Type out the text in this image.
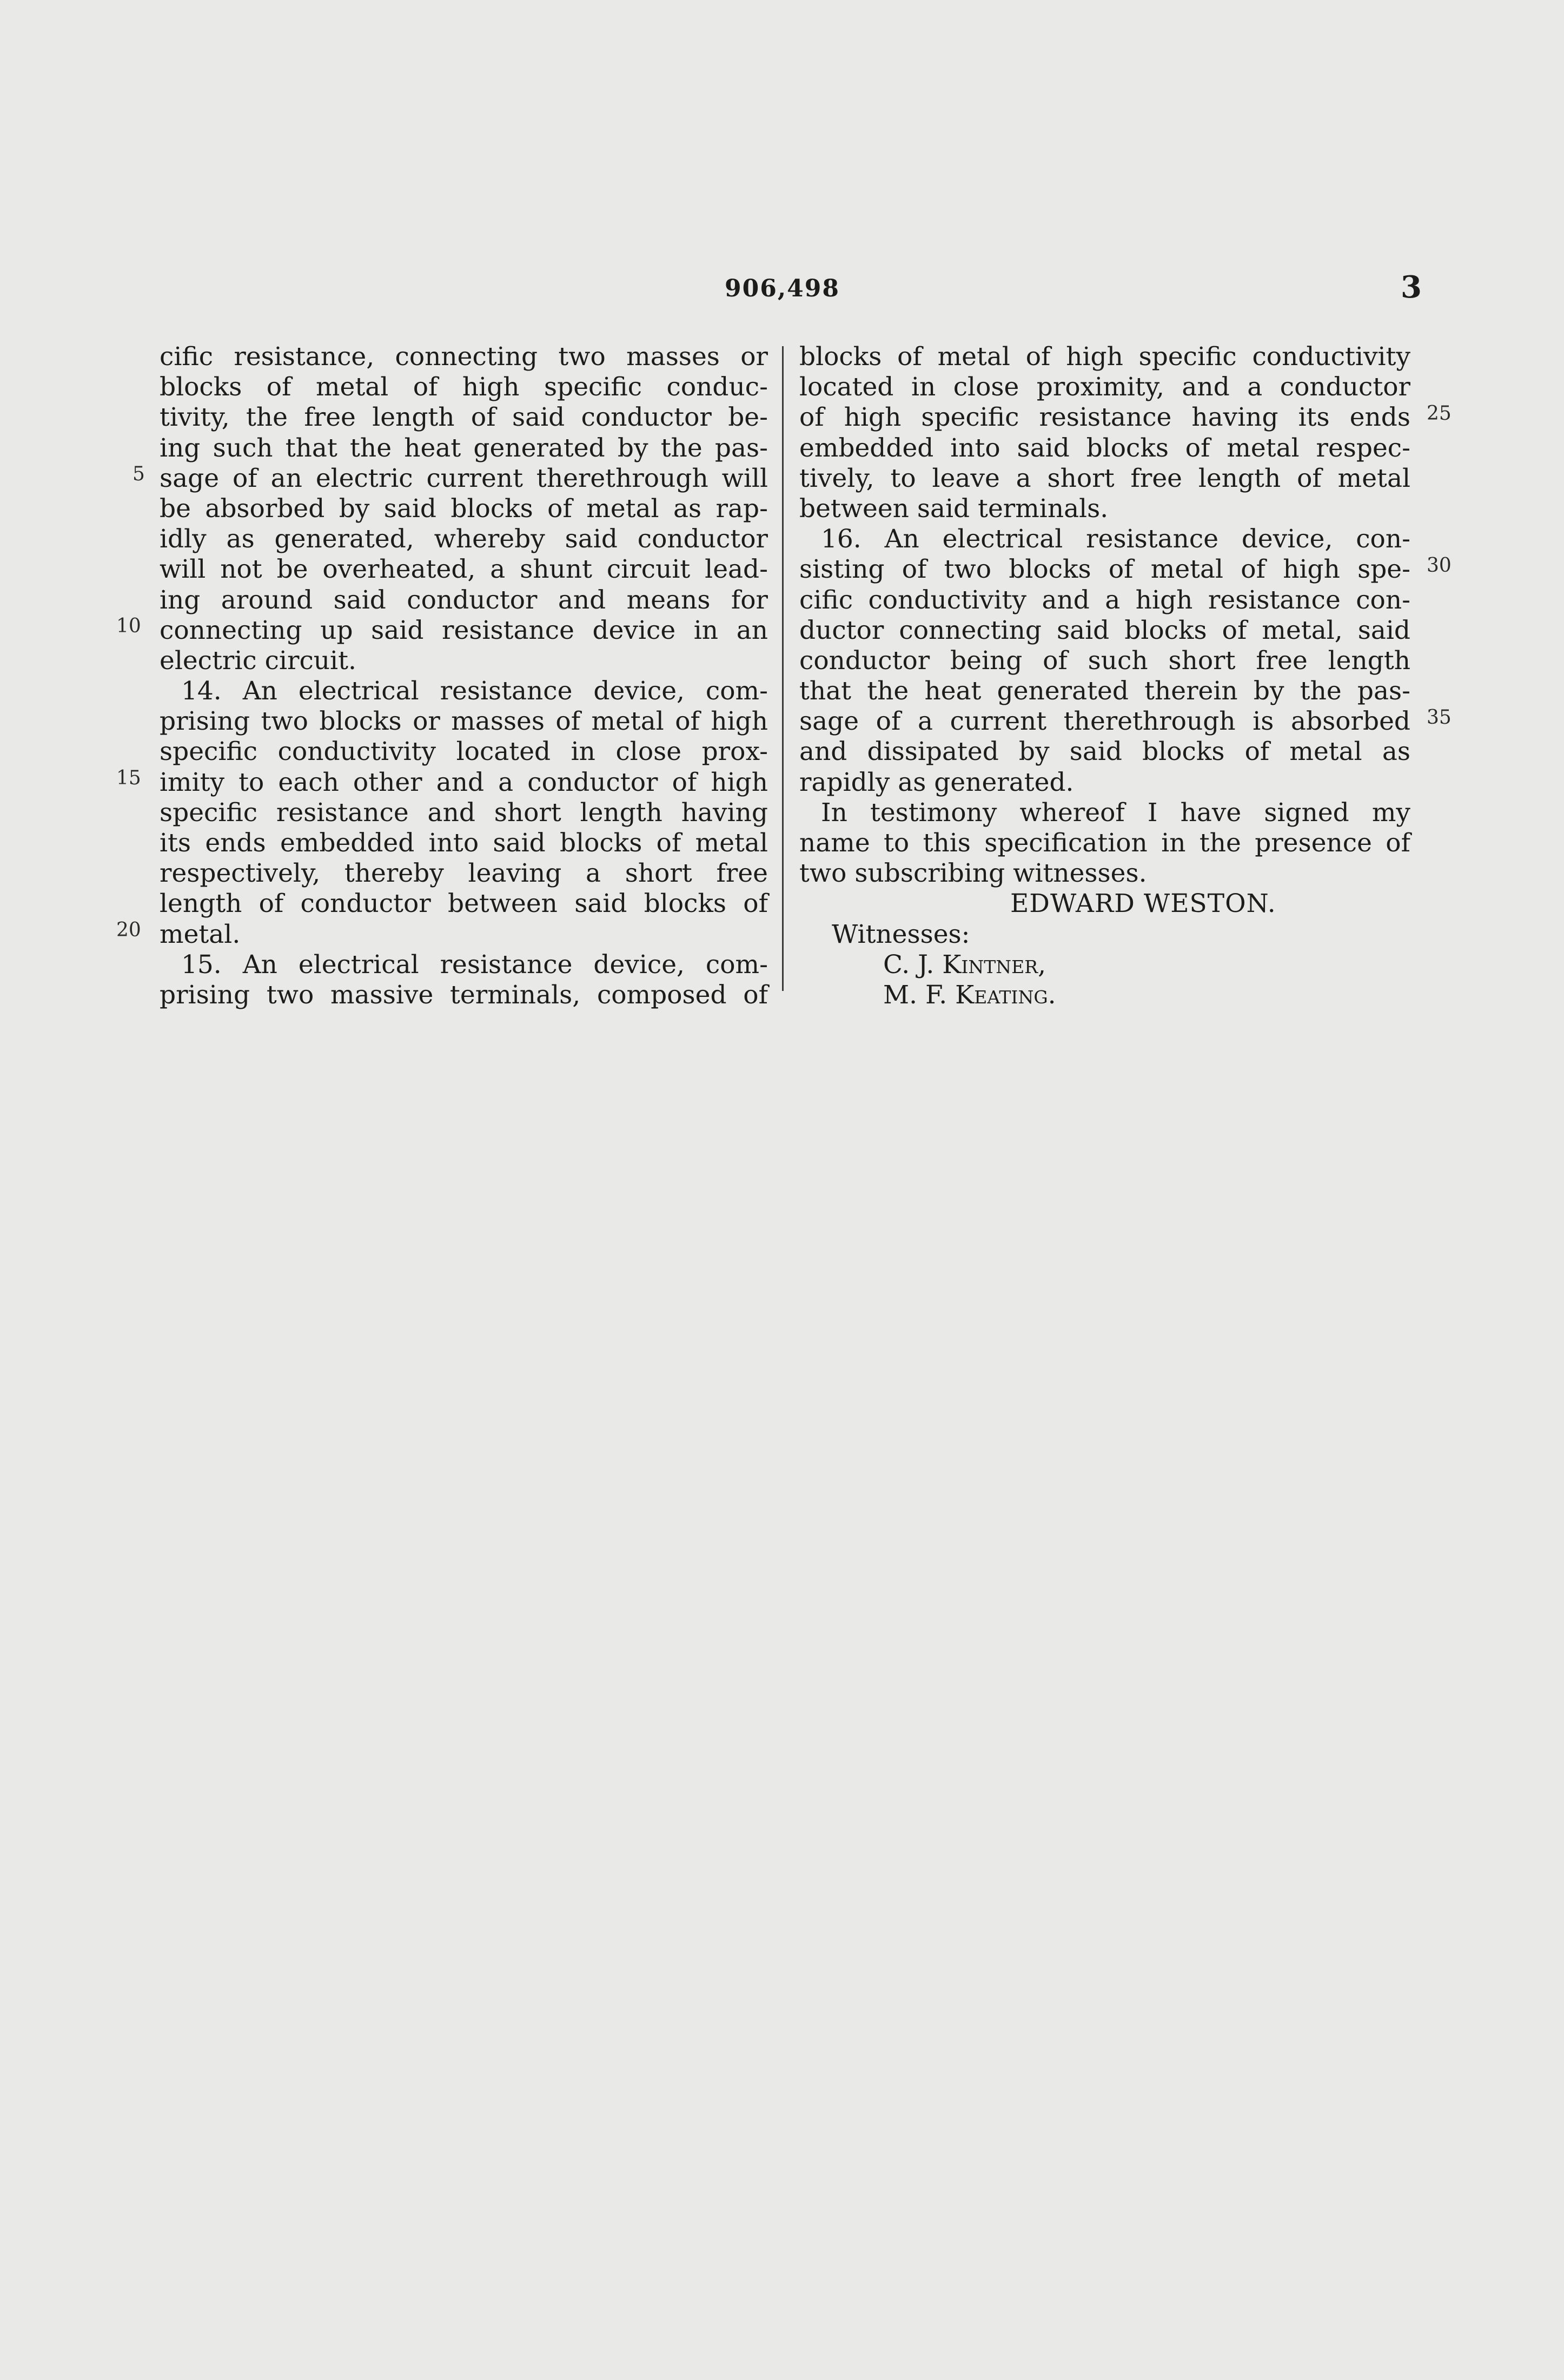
906,498	3
cific resistance, connecting two masses or
blocks of metal of high specific conduc-
tivity, the free length of said conductor be-
ing such that the heat generated by the pas-
sage of an electric current therethrough will
be absorbed by said blocks of metal as rap-
idly as generated, whereby said conductor
will not be overheated, a shunt circuit lead-
ing around said conductor and means for
connecting up said resistance device in an
electric circuit.
14. An electrical resistance device, com-
prising two blocks or masses of metal of high
specific conductivity located in close prox-
imity to each other and a conductor of high
specific resistance and short length having
its ends embedded into said blocks of metal
respectively, thereby leaving a short free
length of conductor between said blocks of
metal.
15. An electrical resistance device, com-
prising two massive terminals, composed of
5
10
15
20
blocks of metal of high specific conductivity
located in close proximity, and a conductor
of high specific resistance having its ends
embedded into said blocks of metal respec-
tively, to leave a short free length of metal
between said terminals.
16. An electrical resistance device, con-
sisting of two blocks of metal of high spe-
cific conductivity and a high resistance con-
ductor connecting said blocks of metal, said
conductor being of such short free length
that the heat generated therein by the pas-
sage of a current therethrough is absorbed
and dissipated by said blocks of metal as
rapidly as generated.
In testimony whereof I have signed my
name to this specification in the presence of
two subscribing witnesses.
EDWARD WESTON.
Witnesses:
C. J. Kintner,
M. F. Keating.
25
30
35
